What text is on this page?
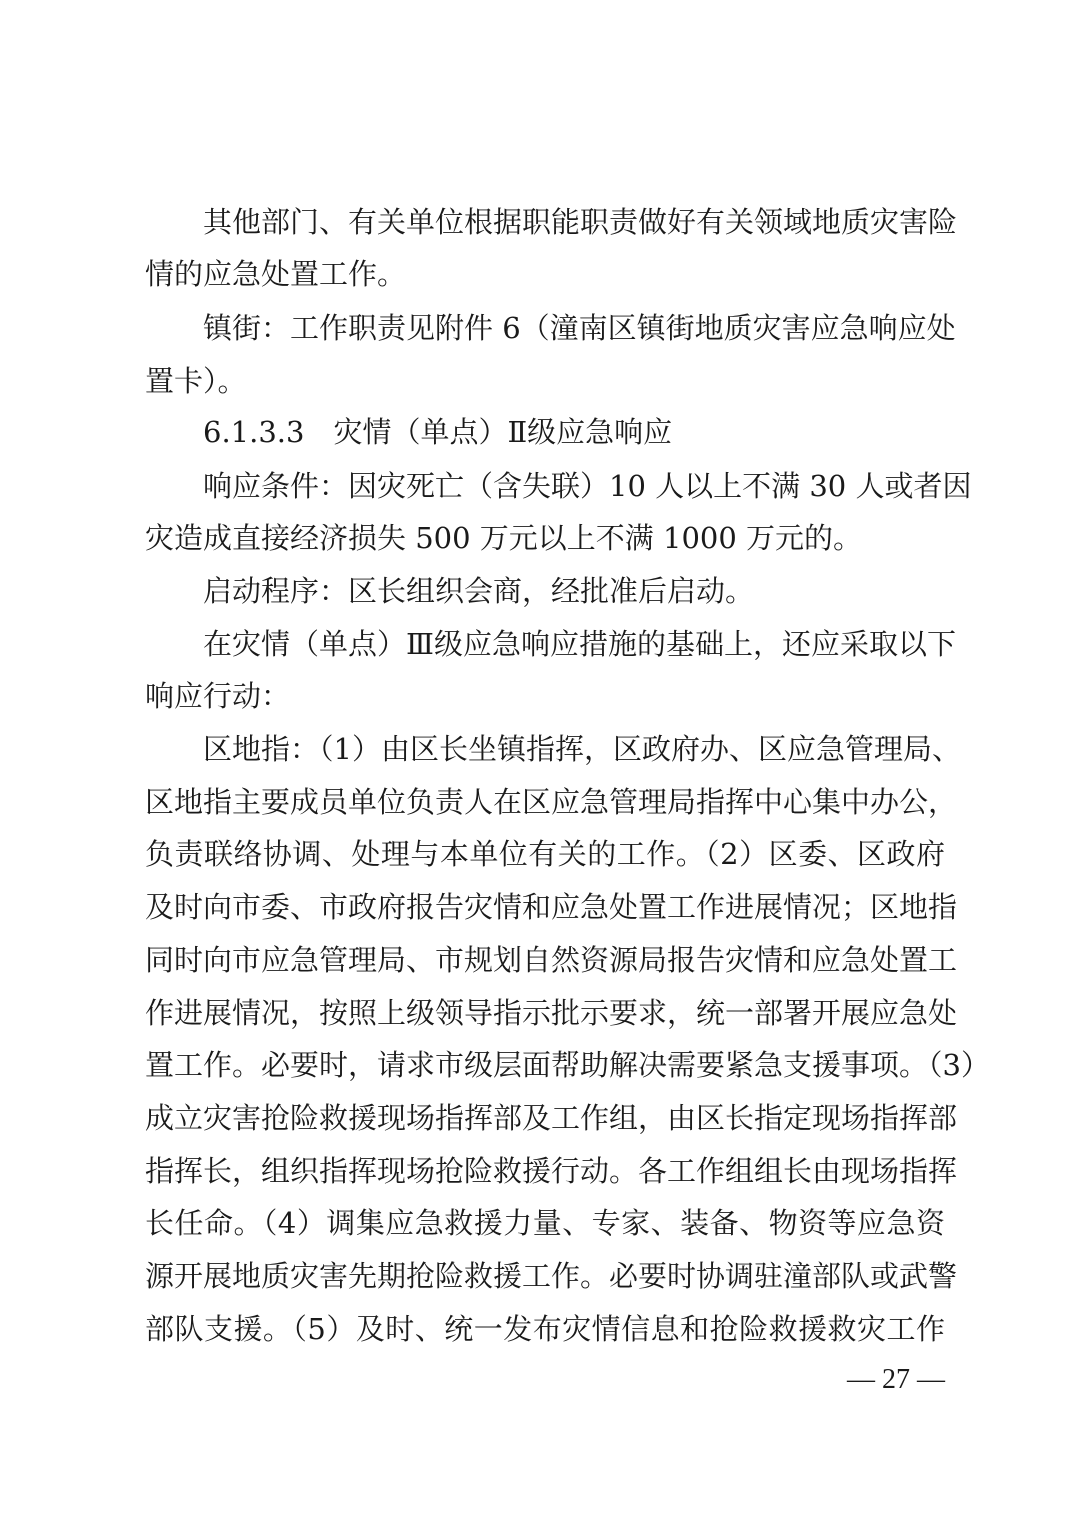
其他部门、有关单位根据职能职责做好有关领域地质灾害险
情的应急处置工作。
镇街：工作职责见附件 6（潼南区镇街地质灾害应急响应处
置卡）。
6.1.3.3　灾情（单点）Ⅱ级应急响应
响应条件：因灾死亡（含失联）10 人以上不满 30 人或者因
灾造成直接经济损失 500 万元以上不满 1000 万元的。
启动程序：区长组织会商，经批准后启动。
在灾情（单点）Ⅲ级应急响应措施的基础上，还应采取以下
响应行动：
区地指：（1）由区长坐镇指挥，区政府办、区应急管理局、
区地指主要成员单位负责人在区应急管理局指挥中心集中办公，
负责联络协调、处理与本单位有关的工作。（2）区委、区政府
及时向市委、市政府报告灾情和应急处置工作进展情况；区地指
同时向市应急管理局、市规划自然资源局报告灾情和应急处置工
作进展情况，按照上级领导指示批示要求，统一部署开展应急处
置工作。必要时，请求市级层面帮助解决需要紧急支援事项。（3）
成立灾害抢险救援现场指挥部及工作组，由区长指定现场指挥部
指挥长，组织指挥现场抢险救援行动。各工作组组长由现场指挥
长任命。（4）调集应急救援力量、专家、装备、物资等应急资
源开展地质灾害先期抢险救援工作。必要时协调驻潼部队或武警
部队支援。（5）及时、统一发布灾情信息和抢险救援救灾工作
— 27 —
